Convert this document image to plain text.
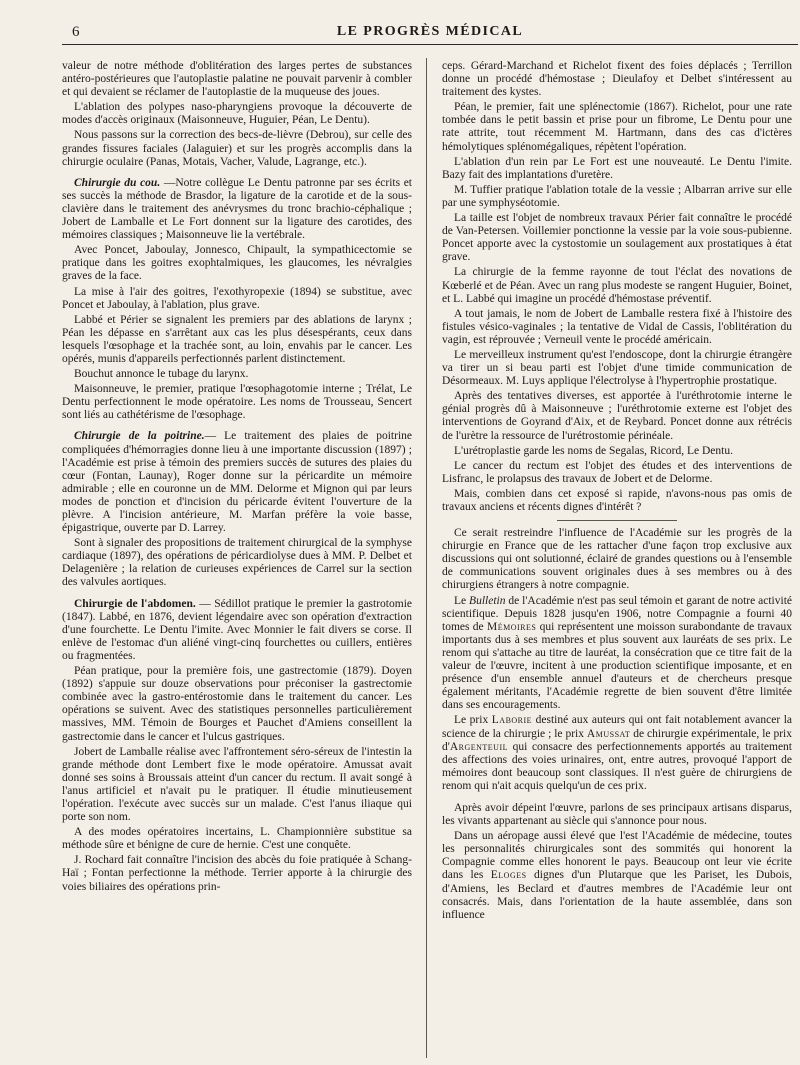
6	LE PROGRÈS MÉDICAL

valeur de notre méthode d'oblitération des larges pertes de substances antéro-postérieures que l'autoplastie palatine ne pouvait parvenir à combler et qui devaient se réclamer de l'autoplastie de la muqueuse des joues.

L'ablation des polypes naso-pharyngiens provoque la découverte de modes d'accès originaux (Maisonneuve, Huguier, Péan, Le Dentu).

Nous passons sur la correction des becs-de-lièvre (Debrou), sur celle des grandes fissures faciales (Jalaguier) et sur les progrès accomplis dans la chirurgie oculaire (Panas, Motais, Vacher, Valude, Lagrange, etc.).

Chirurgie du cou. —Notre collègue Le Dentu patronne par ses écrits et ses succès la méthode de Brasdor, la ligature de la carotide et de la sous-clavière dans le traitement des anévrysmes du tronc brachio-céphalique ; Jobert de Lamballe et Le Fort donnent sur la ligature des carotides, des mémoires classiques ; Maisonneuve lie la vertébrale.

Avec Poncet, Jaboulay, Jonnesco, Chipault, la sympathicectomie se pratique dans les goitres exophtalmiques, les glaucomes, les névralgies graves de la face.

La mise à l'air des goitres, l'exothyropexie (1894) se substitue, avec Poncet et Jaboulay, à l'ablation, plus grave.

Labbé et Périer se signalent les premiers par des ablations de larynx ; Péan les dépasse en s'arrêtant aux cas les plus désespérants, ceux dans lesquels l'œsophage et la trachée sont, au loin, envahis par le cancer. Les opérés, munis d'appareils perfectionnés parlent distinctement.

Bouchut annonce le tubage du larynx.

Maisonneuve, le premier, pratique l'œsophagotomie interne ; Trélat, Le Dentu perfectionnent le mode opératoire. Les noms de Trousseau, Sencert sont liés au cathétérisme de l'œsophage.

Chirurgie de la poitrine.— Le traitement des plaies de poitrine compliquées d'hémorragies donne lieu à une importante discussion (1897) ; l'Académie est prise à témoin des premiers succès de sutures des plaies du cœur (Fontan, Launay), Roger donne sur la péricardite un mémoire admirable ; elle en couronne un de MM. Delorme et Mignon qui par leurs modes de ponction et d'incision du péricarde évitent l'ouverture de la plèvre. A l'incision antérieure, M. Marfan préfère la voie basse, épigastrique, ouverte par D. Larrey.

Sont à signaler des propositions de traitement chirurgical de la symphyse cardiaque (1897), des opérations de péricardiolyse dues à MM. P. Delbet et Delagenière ; la relation de curieuses expériences de Carrel sur la section des valvules aortiques.

Chirurgie de l'abdomen. — Sédillot pratique le premier la gastrotomie (1847). Labbé, en 1876, devient légendaire avec son opération d'extraction d'une fourchette. Le Dentu l'imite. Avec Monnier le fait divers se corse. Il enlève de l'estomac d'un aliéné vingt-cinq fourchettes ou cuillers, entières ou fragmentées.

Péan pratique, pour la première fois, une gastrectomie (1879). Doyen (1892) s'appuie sur douze observations pour préconiser la gastrectomie combinée avec la gastro-entérostomie dans le traitement du cancer. Les opérations se suivent. Avec des statistiques personnelles particulièrement massives, MM. Témoin de Bourges et Pauchet d'Amiens conseillent la gastrectomie dans le cancer et l'ulcus gastriques.

Jobert de Lamballe réalise avec l'affrontement séro-séreux de l'intestin la grande méthode dont Lembert fixe le mode opératoire. Amussat avait donné ses soins à Broussais atteint d'un cancer du rectum. Il avait songé à l'anus artificiel et n'avait pu le pratiquer. Il étudie minutieusement l'opération. l'exécute avec succès sur un malade. C'est l'anus iliaque qui porte son nom.

A des modes opératoires incertains, L. Championnière substitue sa méthode sûre et bénigne de cure de hernie. C'est une conquête.

J. Rochard fait connaître l'incision des abcès du foie pratiquée à Schang-Haï ; Fontan perfectionne la méthode. Terrier apporte à la chirurgie des voies biliaires des opérations prin-

ceps. Gérard-Marchand et Richelot fixent des foies déplacés ; Terrillon donne un procédé d'hémostase ; Dieulafoy et Delbet s'intéressent au traitement des kystes.

Péan, le premier, fait une splénectomie (1867). Richelot, pour une rate tombée dans le petit bassin et prise pour un fibrome, Le Dentu pour une rate attrite, tout récemment M. Hartmann, dans des cas d'ictères hémolytiques splénomégaliques, répètent l'opération.

L'ablation d'un rein par Le Fort est une nouveauté. Le Dentu l'imite. Bazy fait des implantations d'uretère.

M. Tuffier pratique l'ablation totale de la vessie ; Albarran arrive sur elle par une symphyséotomie.

La taille est l'objet de nombreux travaux Périer fait connaître le procédé de Van-Petersen. Voillemier ponctionne la vessie par la voie sous-pubienne. Poncet apporte avec la cystostomie un soulagement aux prostatiques à état grave.

La chirurgie de la femme rayonne de tout l'éclat des novations de Kœberlé et de Péan. Avec un rang plus modeste se rangent Huguier, Boinet, et L. Labbé qui imagine un procédé d'hémostase préventif.

A tout jamais, le nom de Jobert de Lamballe restera fixé à l'histoire des fistules vésico-vaginales ; la tentative de Vidal de Cassis, l'oblitération du vagin, est réprouvée ; Verneuil vente le procédé américain.

Le merveilleux instrument qu'est l'endoscope, dont la chirurgie étrangère va tirer un si beau parti est l'objet d'une timide communication de Désormeaux. M. Luys applique l'électrolyse à l'hypertrophie prostatique.

Après des tentatives diverses, est apportée à l'uréthrotomie interne le génial progrès dû à Maisonneuve ; l'uréthrotomie externe est l'objet des interventions de Goyrand d'Aix, et de Reybard. Poncet donne aux rétrécis de l'urètre la ressource de l'urétrostomie périnéale.

L'urétroplastie garde les noms de Segalas, Ricord, Le Dentu.

Le cancer du rectum est l'objet des études et des interventions de Lisfranc, le prolapsus des travaux de Jobert et de Delorme.

Mais, combien dans cet exposé si rapide, n'avons-nous pas omis de travaux anciens et récents dignes d'intérêt ?

Ce serait restreindre l'influence de l'Académie sur les progrès de la chirurgie en France que de les rattacher d'une façon trop exclusive aux discussions qui ont solutionné, éclairé de grandes questions ou à l'ensemble de communications souvent originales dues à ses membres ou à des chirurgiens étrangers à notre compagnie.

Le Bulletin de l'Académie n'est pas seul témoin et garant de notre activité scientifique. Depuis 1828 jusqu'en 1906, notre Compagnie a fourni 40 tomes de Mémoires qui représentent une moisson surabondante de travaux importants dus à ses membres et plus souvent aux lauréats de ses prix. Le renom qui s'attache au titre de lauréat, la consécration que ce titre fait de la valeur de l'œuvre, incitent à une production scientifique imposante, et en présence d'un ensemble annuel d'auteurs et de chercheurs presque également méritants, l'Académie regrette de bien souvent d'être limitée dans ses encouragements.

Le prix Laborie destiné aux auteurs qui ont fait notablement avancer la science de la chirurgie ; le prix Amussat de chirurgie expérimentale, le prix d'Argenteuil qui consacre des perfectionnements apportés au traitement des affections des voies urinaires, ont, entre autres, provoqué l'apport de mémoires dont beaucoup sont classiques. Il n'est guère de chirurgiens de renom qui n'ait acquis quelqu'un de ces prix.

Après avoir dépeint l'œuvre, parlons de ses principaux artisans disparus, les vivants appartenant au siècle qui s'annonce pour nous.

Dans un aéropage aussi élevé que l'est l'Académie de médecine, toutes les personnalités chirurgicales sont des sommités qui honorent la Compagnie comme elles honorent le pays. Beaucoup ont leur vie écrite dans les Eloges dignes d'un Plutarque que les Pariset, les Dubois, d'Amiens, les Beclard et d'autres membres de l'Académie leur ont consacrés. Mais, dans l'orientation de la haute assemblée, dans son influence
